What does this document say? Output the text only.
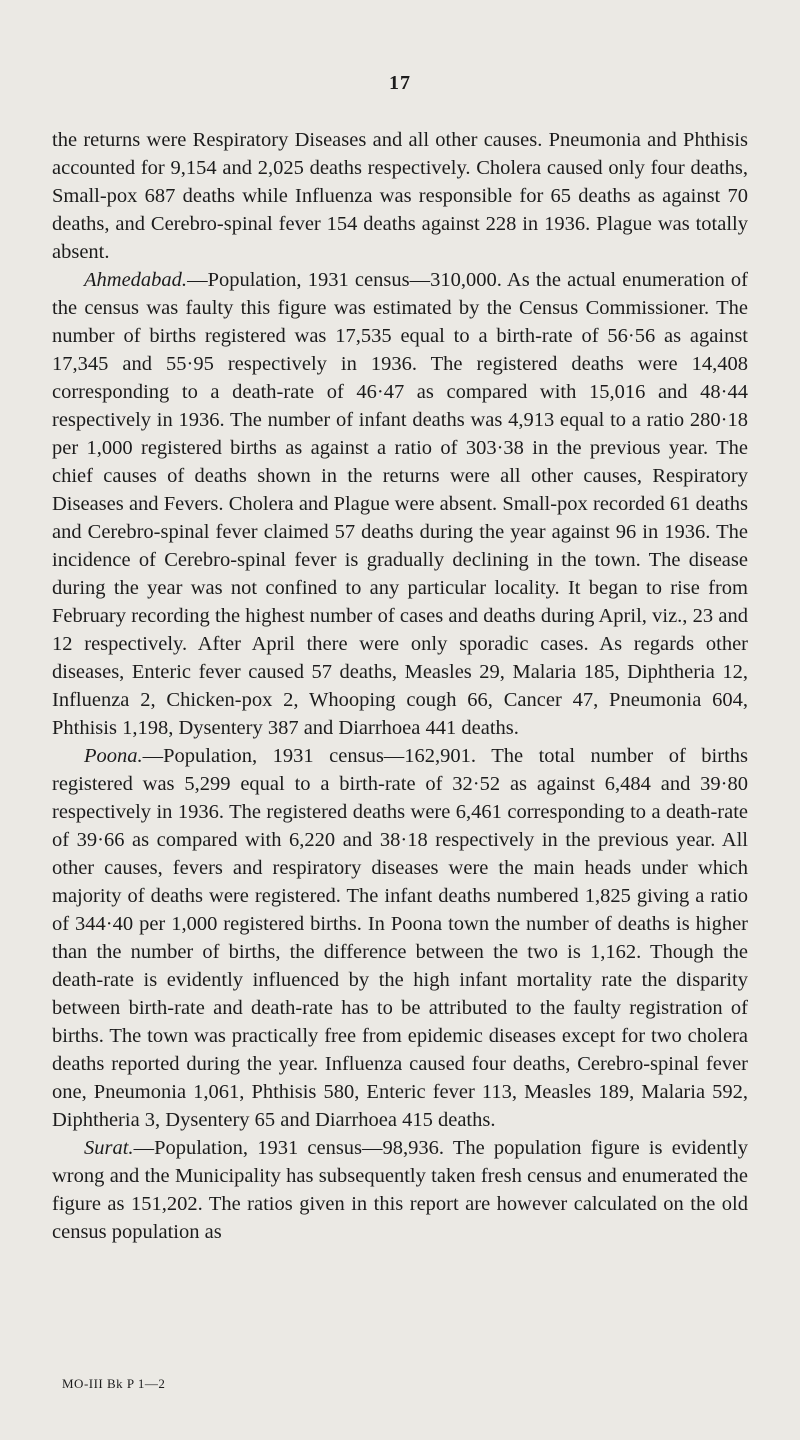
17

the returns were Respiratory Diseases and all other causes. Pneumonia and Phthisis accounted for 9,154 and 2,025 deaths respectively. Cholera caused only four deaths, Small-pox 687 deaths while Influenza was responsible for 65 deaths as against 70 deaths, and Cerebro-spinal fever 154 deaths against 228 in 1936. Plague was totally absent.

Ahmedabad.—Population, 1931 census—310,000. As the actual enumeration of the census was faulty this figure was estimated by the Census Commissioner. The number of births registered was 17,535 equal to a birth-rate of 56·56 as against 17,345 and 55·95 respectively in 1936. The registered deaths were 14,408 corresponding to a death-rate of 46·47 as compared with 15,016 and 48·44 respectively in 1936. The number of infant deaths was 4,913 equal to a ratio 280·18 per 1,000 registered births as against a ratio of 303·38 in the previous year. The chief causes of deaths shown in the returns were all other causes, Respiratory Diseases and Fevers. Cholera and Plague were absent. Small-pox recorded 61 deaths and Cerebro-spinal fever claimed 57 deaths during the year against 96 in 1936. The incidence of Cerebro-spinal fever is gradually declining in the town. The disease during the year was not confined to any particular locality. It began to rise from February recording the highest number of cases and deaths during April, viz., 23 and 12 respectively. After April there were only sporadic cases. As regards other diseases, Enteric fever caused 57 deaths, Measles 29, Malaria 185, Diphtheria 12, Influenza 2, Chicken-pox 2, Whooping cough 66, Cancer 47, Pneumonia 604, Phthisis 1,198, Dysentery 387 and Diarrhoea 441 deaths.

Poona.—Population, 1931 census—162,901. The total number of births registered was 5,299 equal to a birth-rate of 32·52 as against 6,484 and 39·80 respectively in 1936. The registered deaths were 6,461 corresponding to a death-rate of 39·66 as compared with 6,220 and 38·18 respectively in the previous year. All other causes, fevers and respiratory diseases were the main heads under which majority of deaths were registered. The infant deaths numbered 1,825 giving a ratio of 344·40 per 1,000 registered births. In Poona town the number of deaths is higher than the number of births, the difference between the two is 1,162. Though the death-rate is evidently influenced by the high infant mortality rate the disparity between birth-rate and death-rate has to be attributed to the faulty registration of births. The town was practically free from epidemic diseases except for two cholera deaths reported during the year. Influenza caused four deaths, Cerebro-spinal fever one, Pneumonia 1,061, Phthisis 580, Enteric fever 113, Measles 189, Malaria 592, Diphtheria 3, Dysentery 65 and Diarrhoea 415 deaths.

Surat.—Population, 1931 census—98,936. The population figure is evidently wrong and the Municipality has subsequently taken fresh census and enumerated the figure as 151,202. The ratios given in this report are however calculated on the old census population as

MO-III Bk P 1—2
